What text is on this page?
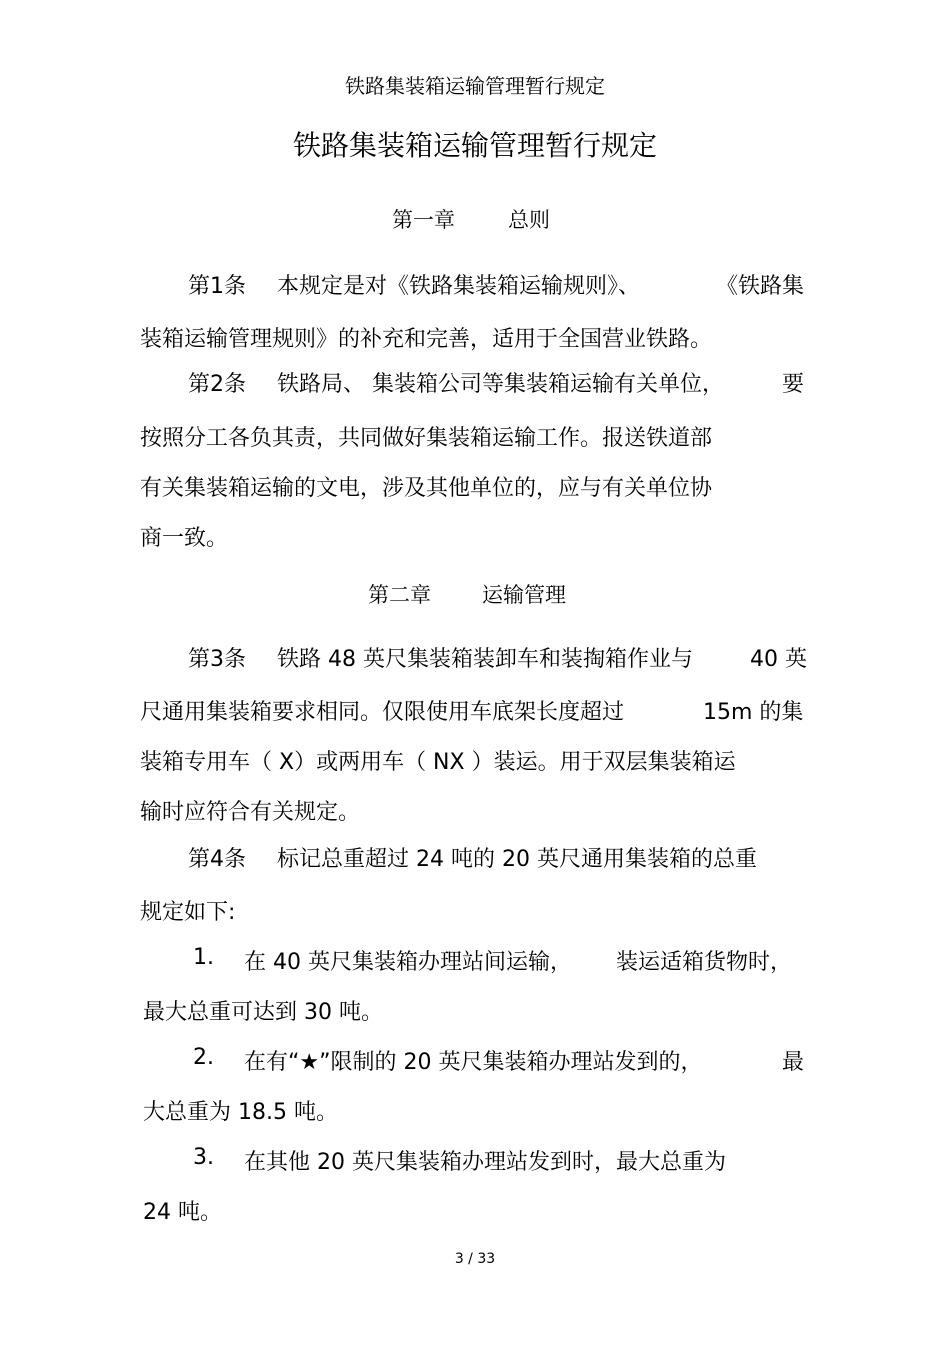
铁路集装箱运输管理暂行规定
铁路集装箱运输管理暂行规定
第一章	总则
第1条 本规定是对《铁路集装箱运输规则》、	《铁路集
装箱运输管理规则》的补充和完善，适用于全国营业铁路。
第2条 铁路局、 集装箱公司等集装箱运输有关单位，	要
按照分工各负其责，共同做好集装箱运输工作。报送铁道部
有关集装箱运输的文电，涉及其他单位的，应与有关单位协
商一致。
第二章 运输管理
第3条 铁路 48 英尺集装箱装卸车和装掏箱作业与	40 英
尺通用集装箱要求相同。仅限使用车底架长度超过	15m 的集
装箱专用车（ X）或两用车（ NX ）装运。用于双层集装箱运
输时应符合有关规定。
第4条 标记总重超过 24 吨的 20 英尺通用集装箱的总重
规定如下:
1. 在 40 英尺集装箱办理站间运输， 装运适箱货物时，
最大总重可达到 30 吨。
2. 在有“★”限制的 20 英尺集装箱办理站发到的，	最
大总重为 18.5 吨。
3. 在其他 20 英尺集装箱办理站发到时，最大总重为
24 吨。
3 / 33
